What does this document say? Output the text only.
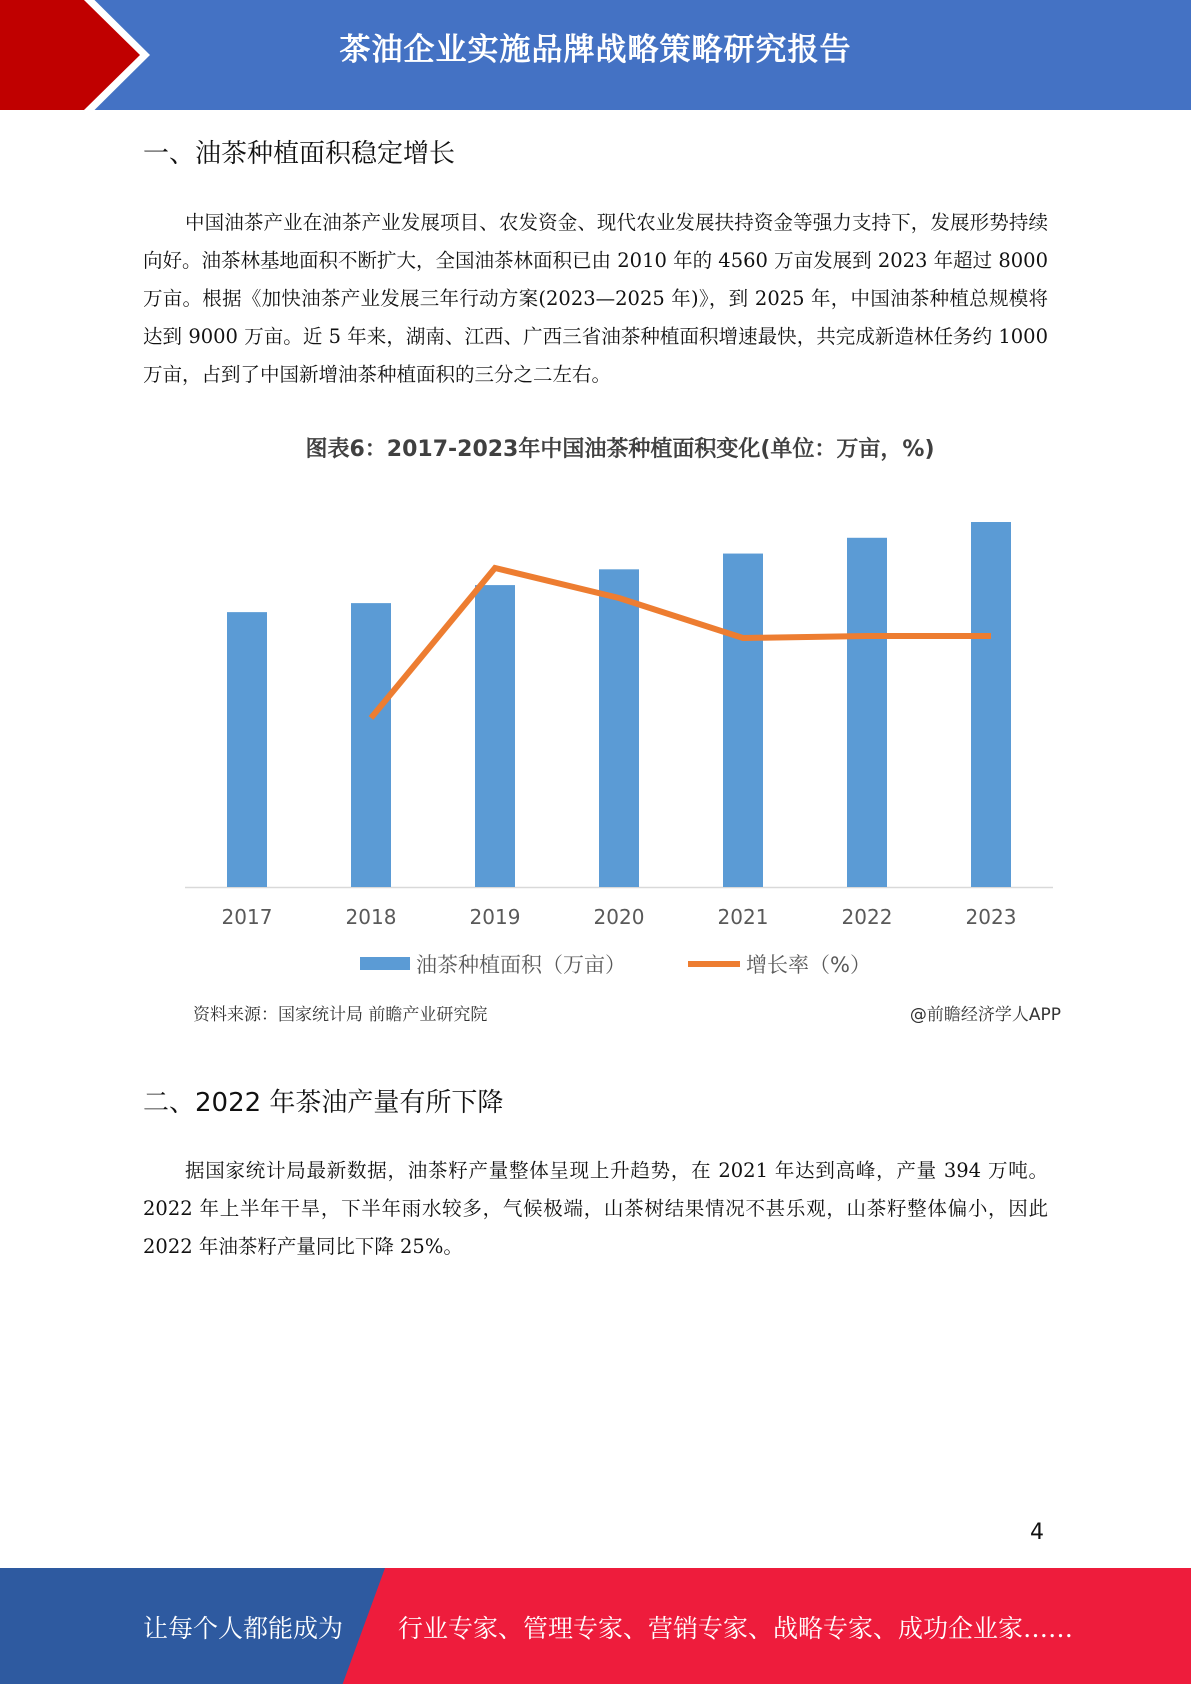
茶油企业实施品牌战略策略研究报告
一、油茶种植面积稳定增长
中国油茶产业在油茶产业发展项目、农发资金、现代农业发展扶持资金等强力支持下，发展形势持续向好。油茶林基地面积不断扩大，全国油茶林面积已由 2010 年的 4560 万亩发展到 2023 年超过 8000 万亩。根据《加快油茶产业发展三年行动方案(2023—2025 年)》，到 2025 年，中国油茶种植总规模将达到 9000 万亩。近 5 年来，湖南、江西、广西三省油茶种植面积增速最快，共完成新造林任务约 1000 万亩，占到了中国新增油茶种植面积的三分之二左右。
图表6：2017-2023年中国油茶种植面积变化(单位：万亩，%)
2017	2018	2019	2020	2021	2022	2023
油茶种植面积（万亩）	增长率（%）
资料来源：国家统计局 前瞻产业研究院	@前瞻经济学人APP
二、2022 年茶油产量有所下降
据国家统计局最新数据，油茶籽产量整体呈现上升趋势，在 2021 年达到高峰，产量 394 万吨。2022 年上半年干旱，下半年雨水较多，气候极端，山茶树结果情况不甚乐观，山茶籽整体偏小，因此 2022 年油茶籽产量同比下降 25%。
4
让每个人都能成为 行业专家、管理专家、营销专家、战略专家、成功企业家……
